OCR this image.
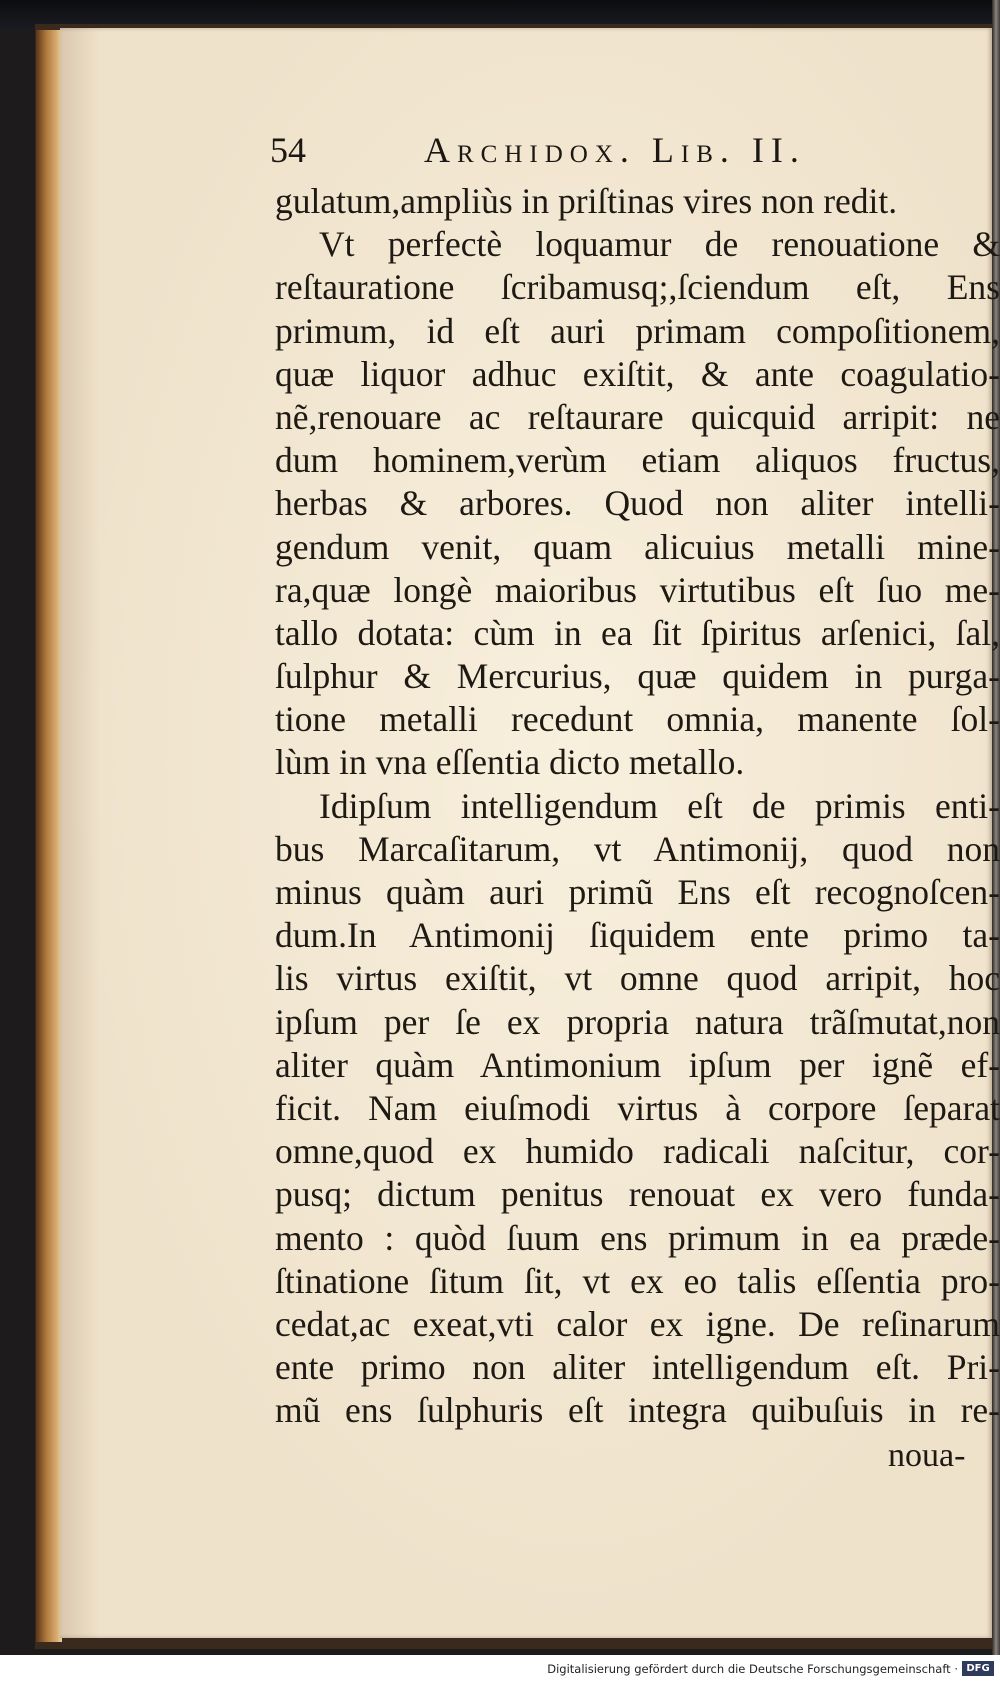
54	Archidox. Lib. II.
gulatum,ampliùs in priſtinas vires non redit.
Vt perfectè loquamur de renouatione &
reſtauratione ſcribamusq;,ſciendum eſt, Ens
primum, id eſt auri primam compoſitionem,
quæ liquor adhuc exiſtit, & ante coagulatio-
nẽ,renouare ac reſtaurare quicquid arripit: ne
dum hominem,verùm etiam aliquos fructus,
herbas & arbores. Quod non aliter intelli-
gendum venit, quam alicuius metalli mine-
ra,quæ longè maioribus virtutibus eſt ſuo me-
tallo dotata: cùm in ea ſit ſpiritus arſenici, ſal,
ſulphur & Mercurius, quæ quidem in purga-
tione metalli recedunt omnia, manente ſol-
lùm in vna eſſentia dicto metallo.
Idipſum intelligendum eſt de primis enti-
bus Marcaſitarum, vt Antimonij, quod non
minus quàm auri primũ Ens eſt recognoſcen-
dum.In Antimonij ſiquidem ente primo ta-
lis virtus exiſtit, vt omne quod arripit, hoc
ipſum per ſe ex propria natura trãſmutat,non
aliter quàm Antimonium ipſum per ignẽ ef-
ficit. Nam eiuſmodi virtus à corpore ſeparat
omne,quod ex humido radicali naſcitur, cor-
pusq; dictum penitus renouat ex vero funda-
mento : quòd ſuum ens primum in ea præde-
ſtinatione ſitum ſit, vt ex eo talis eſſentia pro-
cedat,ac exeat,vti calor ex igne. De reſinarum
ente primo non aliter intelligendum eſt. Pri-
mũ ens ſulphuris eſt integra quibuſuis in re-
noua-
Digitalisierung gefördert durch die Deutsche Forschungsgemeinschaft · DFG
